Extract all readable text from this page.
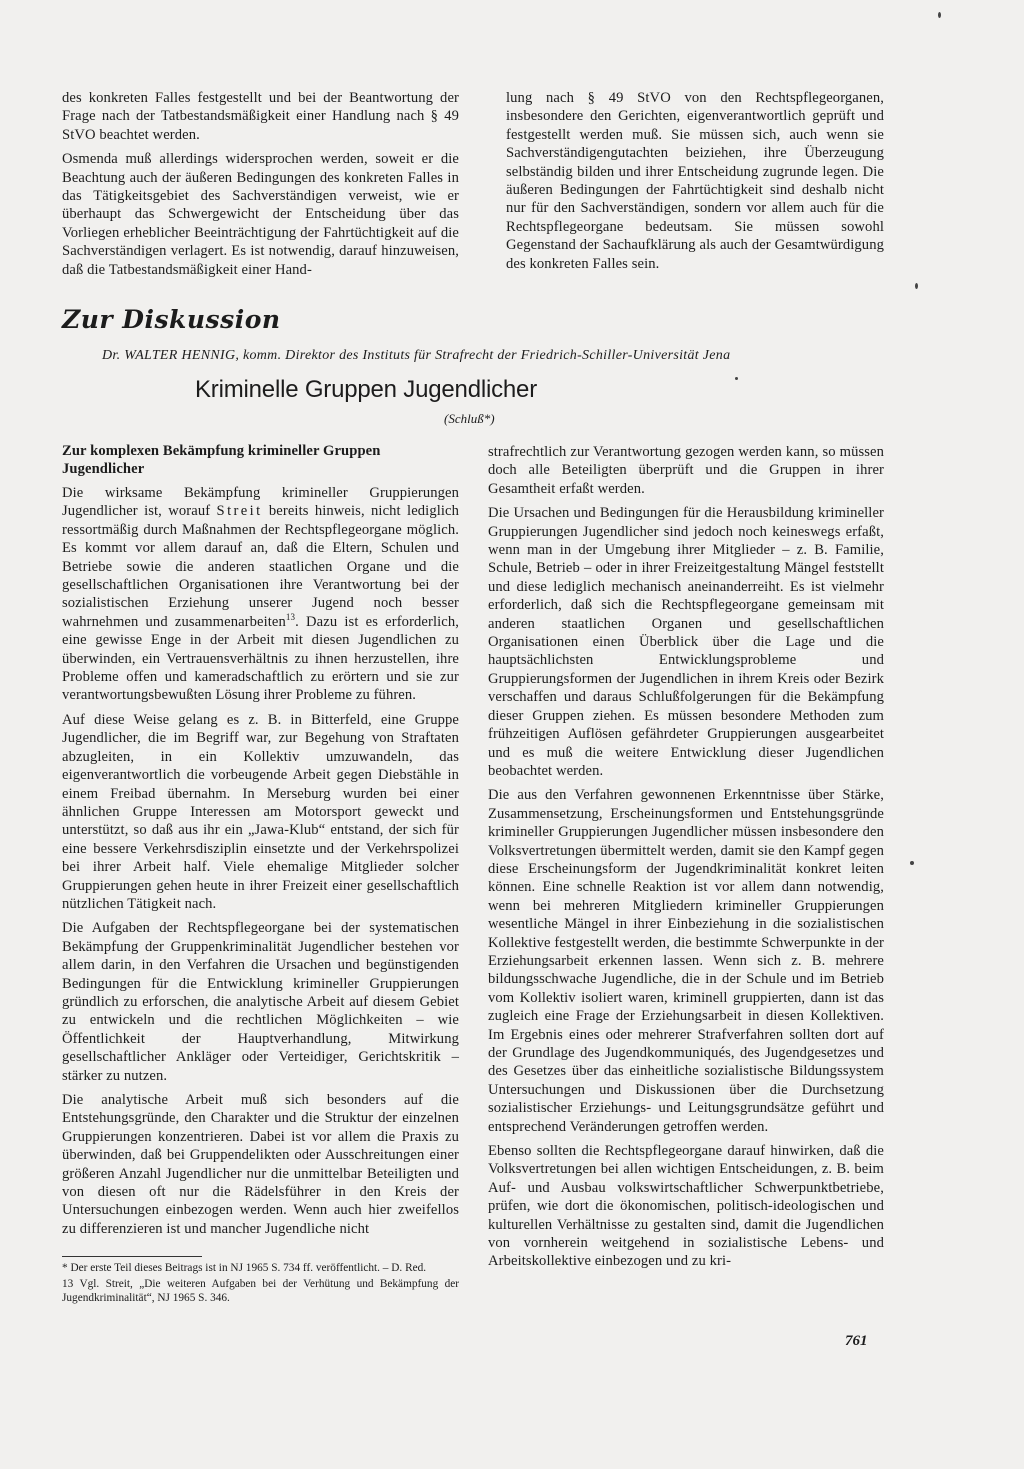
des konkreten Falles festgestellt und bei der Beantwortung der Frage nach der Tatbestandsmäßigkeit einer Handlung nach § 49 StVO beachtet werden.

Osmenda muß allerdings widersprochen werden, soweit er die Beachtung auch der äußeren Bedingungen des konkreten Falles in das Tätigkeitsgebiet des Sachverständigen verweist, wie er überhaupt das Schwergewicht der Entscheidung über das Vorliegen erheblicher Beeinträchtigung der Fahrtüchtigkeit auf die Sachverständigen verlagert. Es ist notwendig, darauf hinzuweisen, daß die Tatbestandsmäßigkeit einer Hand-

lung nach § 49 StVO von den Rechtspflegeorganen, insbesondere den Gerichten, eigenverantwortlich geprüft und festgestellt werden muß. Sie müssen sich, auch wenn sie Sachverständigengutachten beiziehen, ihre Überzeugung selbständig bilden und ihrer Entscheidung zugrunde legen. Die äußeren Bedingungen der Fahrtüchtigkeit sind deshalb nicht nur für den Sachverständigen, sondern vor allem auch für die Rechtspflegeorgane bedeutsam. Sie müssen sowohl Gegenstand der Sachaufklärung als auch der Gesamtwürdigung des konkreten Falles sein.

Zur Diskussion
Dr. WALTER HENNIG, komm. Direktor des Instituts für Strafrecht der Friedrich-Schiller-Universität Jena
Kriminelle Gruppen Jugendlicher
(Schluß*)

Zur komplexen Bekämpfung krimineller Gruppen Jugendlicher

Die wirksame Bekämpfung krimineller Gruppierungen Jugendlicher ist, worauf Streit bereits hinweis, nicht lediglich ressortmäßig durch Maßnahmen der Rechtspflegeorgane möglich. Es kommt vor allem darauf an, daß die Eltern, Schulen und Betriebe sowie die anderen staatlichen Organe und die gesellschaftlichen Organisationen ihre Verantwortung bei der sozialistischen Erziehung unserer Jugend noch besser wahrnehmen und zusammenarbeiten$^{13}$. Dazu ist es erforderlich, eine gewisse Enge in der Arbeit mit diesen Jugendlichen zu überwinden, ein Vertrauensverhältnis zu ihnen herzustellen, ihre Probleme offen und kameradschaftlich zu erörtern und sie zur verantwortungsbewußten Lösung ihrer Probleme zu führen.

Auf diese Weise gelang es z. B. in Bitterfeld, eine Gruppe Jugendlicher, die im Begriff war, zur Begehung von Straftaten abzugleiten, in ein Kollektiv umzuwandeln, das eigenverantwortlich die vorbeugende Arbeit gegen Diebstähle in einem Freibad übernahm. In Merseburg wurden bei einer ähnlichen Gruppe Interessen am Motorsport geweckt und unterstützt, so daß aus ihr ein „Jawa-Klub“ entstand, der sich für eine bessere Verkehrsdisziplin einsetzte und der Verkehrspolizei bei ihrer Arbeit half. Viele ehemalige Mitglieder solcher Gruppierungen gehen heute in ihrer Freizeit einer gesellschaftlich nützlichen Tätigkeit nach.

Die Aufgaben der Rechtspflegeorgane bei der systematischen Bekämpfung der Gruppenkriminalität Jugendlicher bestehen vor allem darin, in den Verfahren die Ursachen und begünstigenden Bedingungen für die Entwicklung krimineller Gruppierungen gründlich zu erforschen, die analytische Arbeit auf diesem Gebiet zu entwickeln und die rechtlichen Möglichkeiten – wie Öffentlichkeit der Hauptverhandlung, Mitwirkung gesellschaftlicher Ankläger oder Verteidiger, Gerichtskritik – stärker zu nutzen.

Die analytische Arbeit muß sich besonders auf die Entstehungsgründe, den Charakter und die Struktur der einzelnen Gruppierungen konzentrieren. Dabei ist vor allem die Praxis zu überwinden, daß bei Gruppendelikten oder Ausschreitungen einer größeren Anzahl Jugendlicher nur die unmittelbar Beteiligten und von diesen oft nur die Rädelsführer in den Kreis der Untersuchungen einbezogen werden. Wenn auch hier zweifellos zu differenzieren ist und mancher Jugendliche nicht

strafrechtlich zur Verantwortung gezogen werden kann, so müssen doch alle Beteiligten überprüft und die Gruppen in ihrer Gesamtheit erfaßt werden.

Die Ursachen und Bedingungen für die Herausbildung krimineller Gruppierungen Jugendlicher sind jedoch noch keineswegs erfaßt, wenn man in der Umgebung ihrer Mitglieder – z. B. Familie, Schule, Betrieb – oder in ihrer Freizeitgestaltung Mängel feststellt und diese lediglich mechanisch aneinanderreiht. Es ist vielmehr erforderlich, daß sich die Rechtspflegeorgane gemeinsam mit anderen staatlichen Organen und gesellschaftlichen Organisationen einen Überblick über die Lage und die hauptsächlichsten Entwicklungsprobleme und Gruppierungsformen der Jugendlichen in ihrem Kreis oder Bezirk verschaffen und daraus Schlußfolgerungen für die Bekämpfung dieser Gruppen ziehen. Es müssen besondere Methoden zum frühzeitigen Auflösen gefährdeter Gruppierungen ausgearbeitet und es muß die weitere Entwicklung dieser Jugendlichen beobachtet werden.

Die aus den Verfahren gewonnenen Erkenntnisse über Stärke, Zusammensetzung, Erscheinungsformen und Entstehungsgründe krimineller Gruppierungen Jugendlicher müssen insbesondere den Volksvertretungen übermittelt werden, damit sie den Kampf gegen diese Erscheinungsform der Jugendkriminalität konkret leiten können. Eine schnelle Reaktion ist vor allem dann notwendig, wenn bei mehreren Mitgliedern krimineller Gruppierungen wesentliche Mängel in ihrer Einbeziehung in die sozialistischen Kollektive festgestellt werden, die bestimmte Schwerpunkte in der Erziehungsarbeit erkennen lassen. Wenn sich z. B. mehrere bildungsschwache Jugendliche, die in der Schule und im Betrieb vom Kollektiv isoliert waren, kriminell gruppierten, dann ist das zugleich eine Frage der Erziehungsarbeit in diesen Kollektiven. Im Ergebnis eines oder mehrerer Strafverfahren sollten dort auf der Grundlage des Jugendkommuniqués, des Jugendgesetzes und des Gesetzes über das einheitliche sozialistische Bildungssystem Untersuchungen und Diskussionen über die Durchsetzung sozialistischer Erziehungs- und Leitungsgrundsätze geführt und entsprechend Veränderungen getroffen werden.

Ebenso sollten die Rechtspflegeorgane darauf hinwirken, daß die Volksvertretungen bei allen wichtigen Entscheidungen, z. B. beim Auf- und Ausbau volkswirtschaftlicher Schwerpunktbetriebe, prüfen, wie dort die ökonomischen, politisch-ideologischen und kulturellen Verhältnisse zu gestalten sind, damit die Jugendlichen von vornherein weitgehend in sozialistische Lebens- und Arbeitskollektive einbezogen und zu kri-

* Der erste Teil dieses Beitrags ist in NJ 1965 S. 734 ff. veröffentlicht. – D. Red.

13 Vgl. Streit, „Die weiteren Aufgaben bei der Verhütung und Bekämpfung der Jugendkriminalität“, NJ 1965 S. 346.

761
